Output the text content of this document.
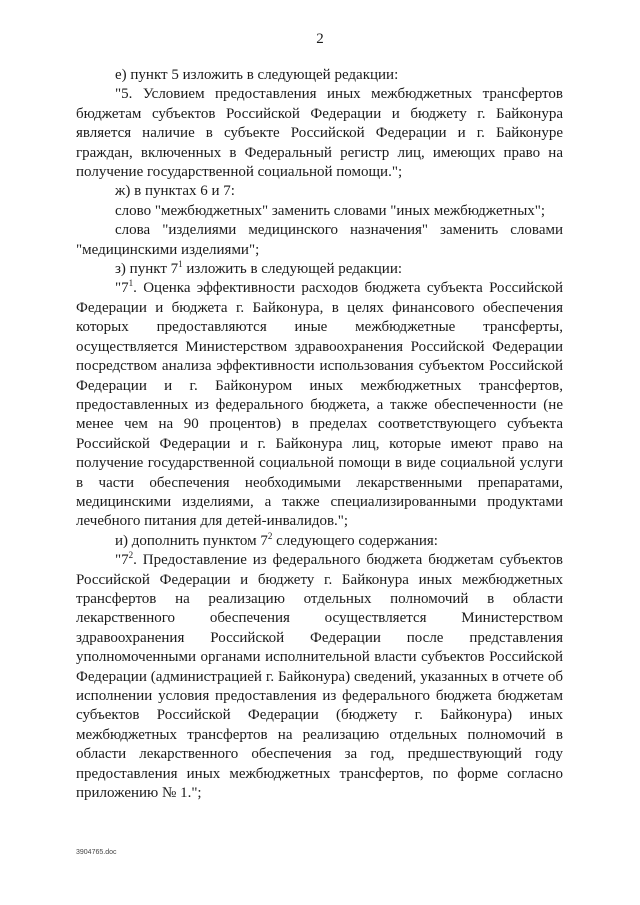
2

е) пункт 5 изложить в следующей редакции:

"5. Условием предоставления иных межбюджетных трансфертов бюджетам субъектов Российской Федерации и бюджету г. Байконура является наличие в субъекте Российской Федерации и г. Байконуре граждан, включенных в Федеральный регистр лиц, имеющих право на получение государственной социальной помощи.";

ж) в пунктах 6 и 7:

слово "межбюджетных" заменить словами "иных межбюджетных";

слова "изделиями медицинского назначения" заменить словами "медицинскими изделиями";

з) пункт $7^1$ изложить в следующей редакции:

"$7^1$. Оценка эффективности расходов бюджета субъекта Российской Федерации и бюджета г. Байконура, в целях финансового обеспечения которых предоставляются иные межбюджетные трансферты, осуществляется Министерством здравоохранения Российской Федерации посредством анализа эффективности использования субъектом Российской Федерации и г. Байконуром иных межбюджетных трансфертов, предоставленных из федерального бюджета, а также обеспеченности (не менее чем на 90 процентов) в пределах соответствующего субъекта Российской Федерации и г. Байконура лиц, которые имеют право на получение государственной социальной помощи в виде социальной услуги в части обеспечения необходимыми лекарственными препаратами, медицинскими изделиями, а также специализированными продуктами лечебного питания для детей-инвалидов.";

и) дополнить пунктом $7^2$ следующего содержания:

"$7^2$. Предоставление из федерального бюджета бюджетам субъектов Российской Федерации и бюджету г. Байконура иных межбюджетных трансфертов на реализацию отдельных полномочий в области лекарственного обеспечения осуществляется Министерством здравоохранения Российской Федерации после представления уполномоченными органами исполнительной власти субъектов Российской Федерации (администрацией г. Байконура) сведений, указанных в отчете об исполнении условия предоставления из федерального бюджета бюджетам субъектов Российской Федерации (бюджету г. Байконура) иных межбюджетных трансфертов на реализацию отдельных полномочий в области лекарственного обеспечения за год, предшествующий году предоставления иных межбюджетных трансфертов, по форме согласно приложению № 1.";

3904765.doc
